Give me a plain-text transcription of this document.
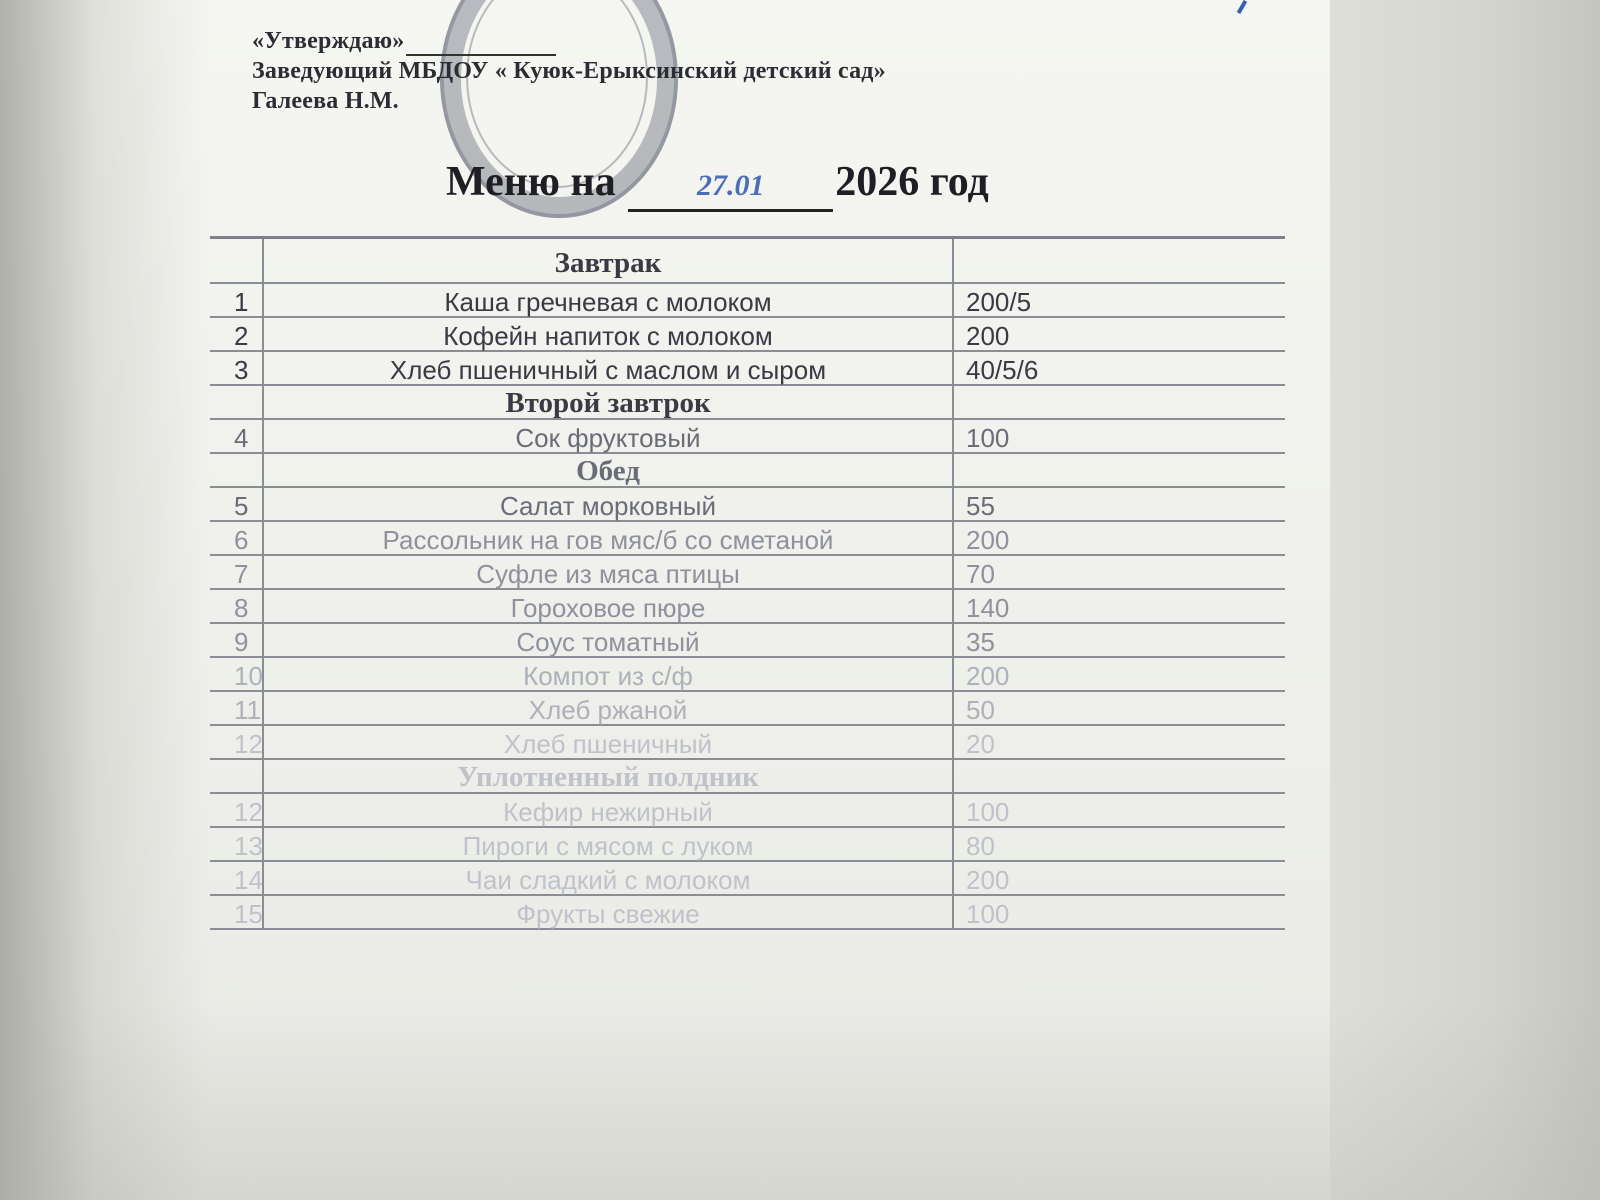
«Утверждаю»
Заведующий МБДОУ « Куюк-Ерыксинский детский сад»
Галеева Н.М.
Меню на	27.01 2026 год
Завтрак
1	Каша гречневая с молоком	200/5
2	Кофейн напиток с молоком	200
3	Хлеб пшеничный с маслом и сыром	40/5/6
Второй завтрок
4	Сок фруктовый	100
Обед
5	Салат морковный	55
6	Рассольник на гов мяс/б со сметаной	200
7	Суфле из мяса птицы	70
8	Гороховое пюре	140
9	Соус томатный	35
10	Компот из с/ф	200
11	Хлеб ржаной	50
12	Хлеб пшеничный	20
Уплотненный полдник
12	Кефир нежирный	100
13	Пироги с мясом с луком	80
14	Чаи сладкий с молоком	200
15	Фрукты свежие	100
